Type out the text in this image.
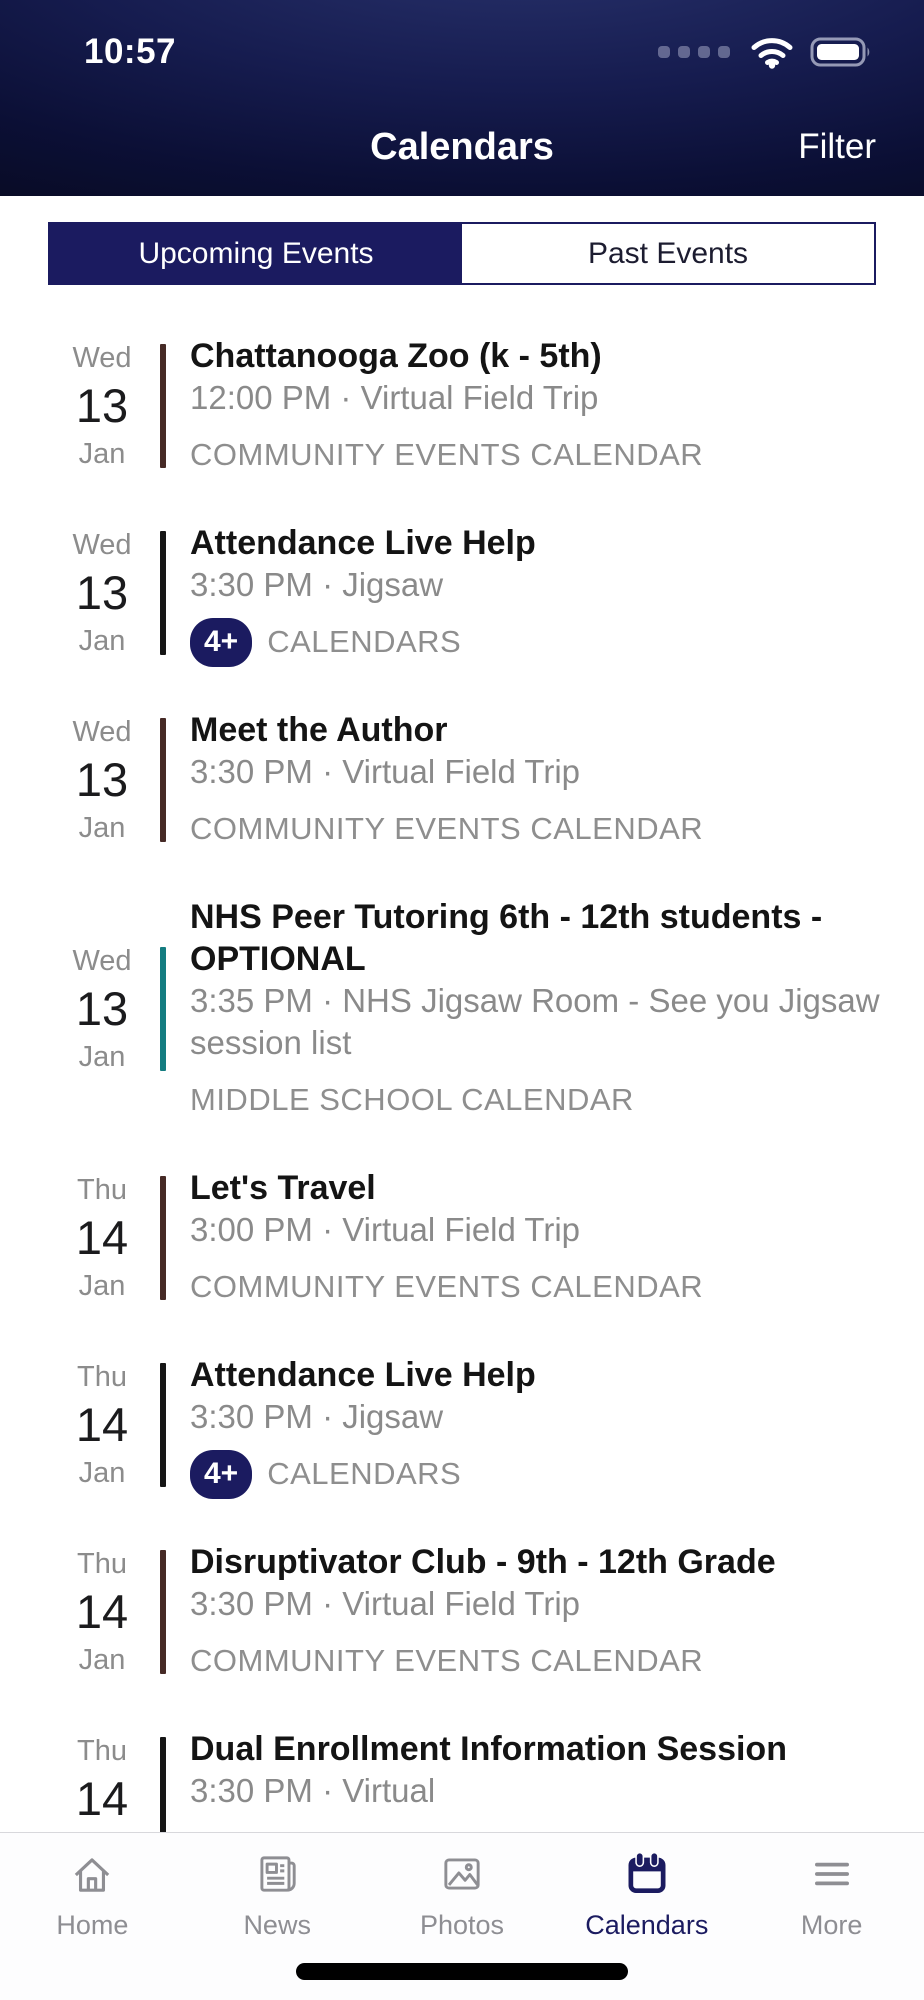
10:57
Calendars	Filter
Upcoming Events	Past Events
Wed
13
Jan
Chattanooga Zoo (k - 5th)
12:00 PM · Virtual Field Trip
COMMUNITY EVENTS CALENDAR
Wed
13
Jan
Attendance Live Help
3:30 PM · Jigsaw
4+ CALENDARS
Wed
13
Jan
Meet the Author
3:30 PM · Virtual Field Trip
COMMUNITY EVENTS CALENDAR
Wed
13
Jan
NHS Peer Tutoring 6th - 12th students - OPTIONAL
3:35 PM · NHS Jigsaw Room - See you Jigsaw session list
MIDDLE SCHOOL CALENDAR
Thu
14
Jan
Let's Travel
3:00 PM · Virtual Field Trip
COMMUNITY EVENTS CALENDAR
Thu
14
Jan
Attendance Live Help
3:30 PM · Jigsaw
4+ CALENDARS
Thu
14
Jan
Disruptivator Club - 9th - 12th Grade
3:30 PM · Virtual Field Trip
COMMUNITY EVENTS CALENDAR
Thu
14
Dual Enrollment Information Session
3:30 PM · Virtual
Home	News	Photos	Calendars	More
